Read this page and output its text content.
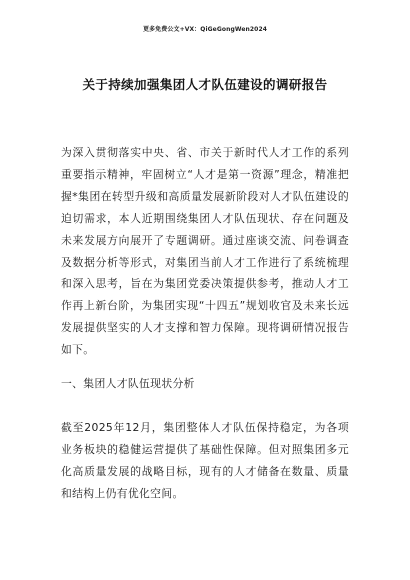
更多免费公文+VX：QiGeGongWen2024
关于持续加强集团人才队伍建设的调研报告

为深入贯彻落实中央、省、市关于新时代人才工作的系列重要指示精神，牢固树立“人才是第一资源”理念，精准把握*集团在转型升级和高质量发展新阶段对人才队伍建设的迫切需求，本人近期围绕集团人才队伍现状、存在问题及未来发展方向展开了专题调研。通过座谈交流、问卷调查及数据分析等形式，对集团当前人才工作进行了系统梳理和深入思考，旨在为集团党委决策提供参考，推动人才工作再上新台阶，为集团实现“十四五”规划收官及未来长远发展提供坚实的人才支撑和智力保障。现将调研情况报告如下。

一、集团人才队伍现状分析

截至2025年12月，集团整体人才队伍保持稳定，为各项业务板块的稳健运营提供了基础性保障。但对照集团多元化高质量发展的战略目标，现有的人才储备在数量、质量和结构上仍有优化空间。
